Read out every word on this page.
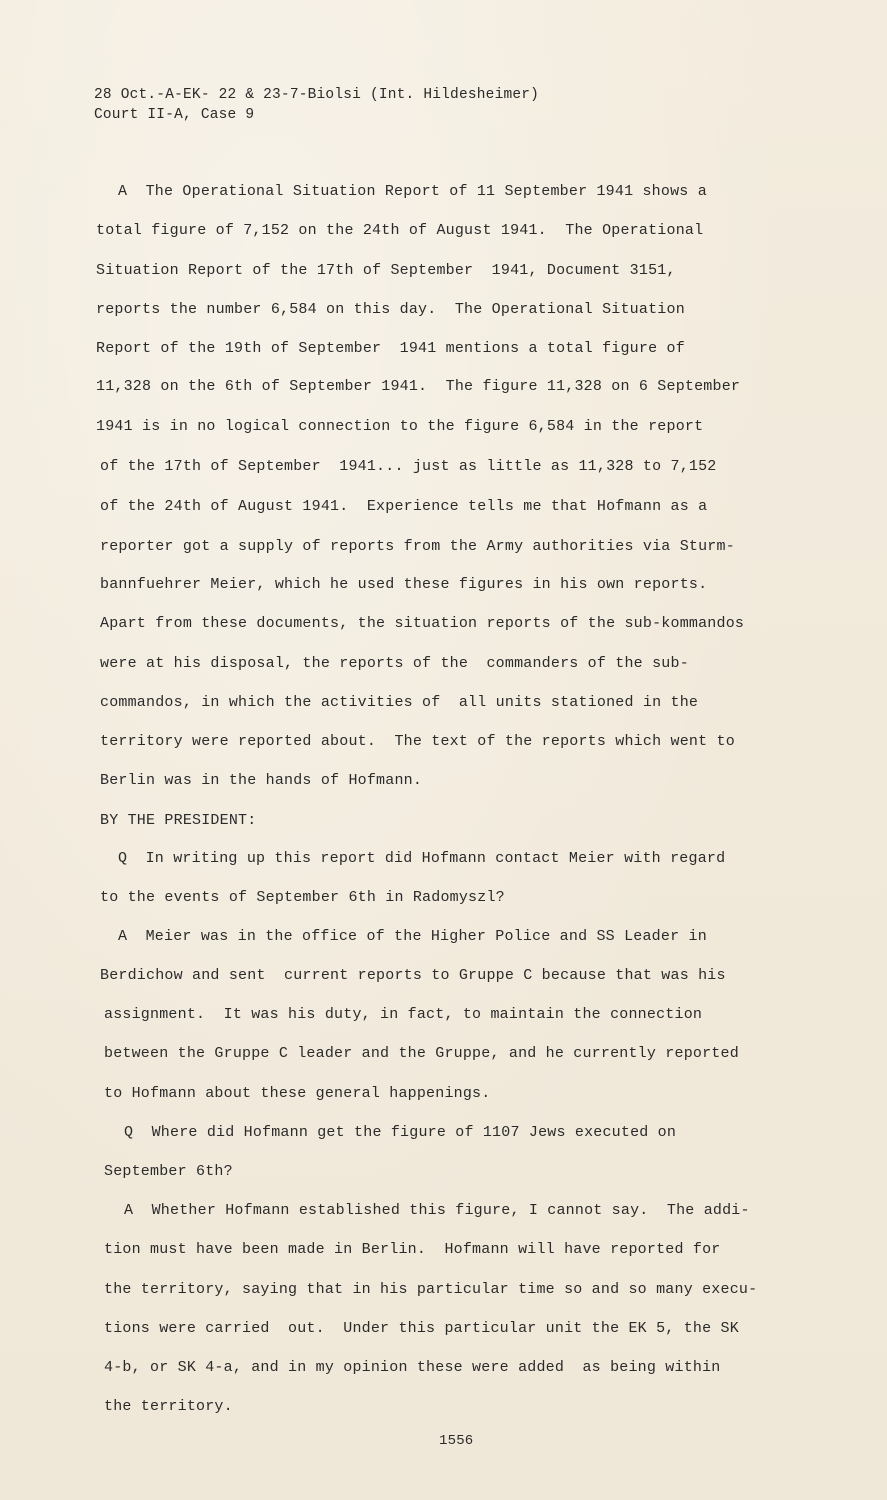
28 Oct.-A-EK- 22 & 23-7-Biolsi (Int. Hildesheimer)
Court II-A, Case 9
A  The Operational Situation Report of 11 September 1941 shows a
total figure of 7,152 on the 24th of August 1941.  The Operational
Situation Report of the 17th of September  1941, Document 3151,
reports the number 6,584 on this day.  The Operational Situation
Report of the 19th of September  1941 mentions a total figure of
11,328 on the 6th of September 1941.  The figure 11,328 on 6 September
1941 is in no logical connection to the figure 6,584 in the report
of the 17th of September  1941... just as little as 11,328 to 7,152
of the 24th of August 1941.  Experience tells me that Hofmann as a
reporter got a supply of reports from the Army authorities via Sturm-
bannfuehrer Meier, which he used these figures in his own reports.
Apart from these documents, the situation reports of the sub-kommandos
were at his disposal, the reports of the  commanders of the sub-
commandos, in which the activities of  all units stationed in the
territory were reported about.  The text of the reports which went to
Berlin was in the hands of Hofmann.
BY THE PRESIDENT:
Q  In writing up this report did Hofmann contact Meier with regard
to the events of September 6th in Radomyszl?
A  Meier was in the office of the Higher Police and SS Leader in
Berdichow and sent  current reports to Gruppe C because that was his
assignment.  It was his duty, in fact, to maintain the connection
between the Gruppe C leader and the Gruppe, and he currently reported
to Hofmann about these general happenings.
Q  Where did Hofmann get the figure of 1107 Jews executed on
September 6th?
A  Whether Hofmann established this figure, I cannot say.  The addi-
tion must have been made in Berlin.  Hofmann will have reported for
the territory, saying that in his particular time so and so many execu-
tions were carried  out.  Under this particular unit the EK 5, the SK
4-b, or SK 4-a, and in my opinion these were added  as being within
the territory.
1556
